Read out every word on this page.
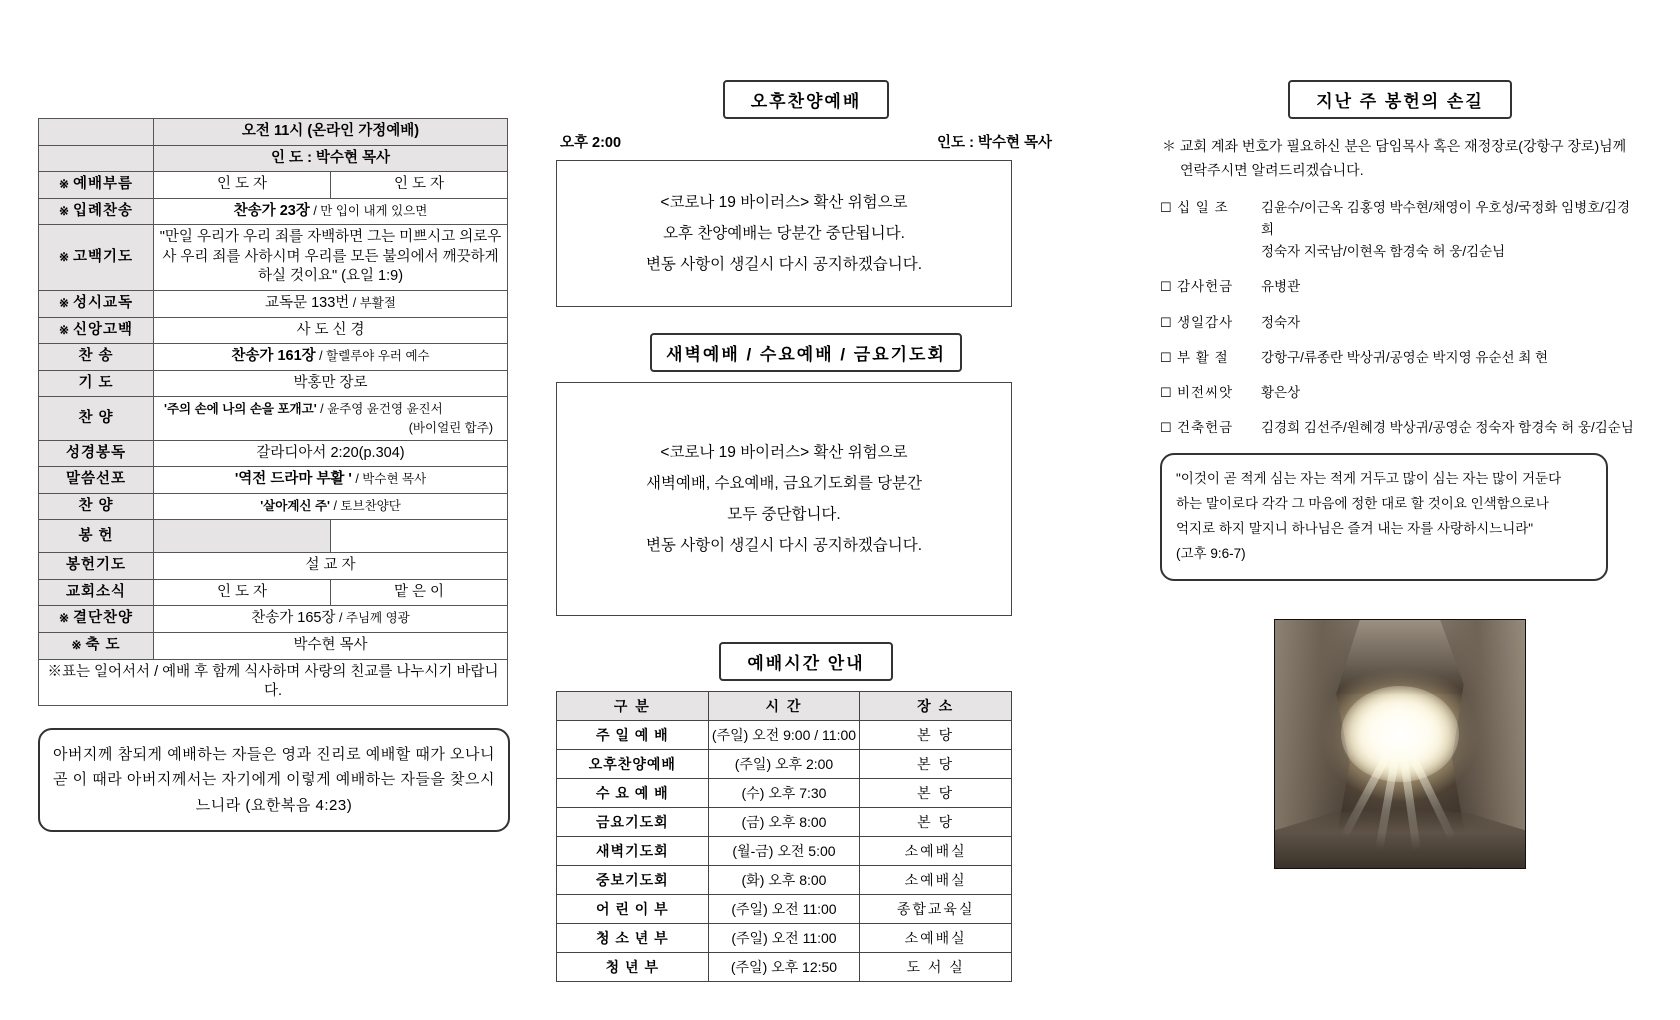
	오전 11시 (온라인 가정예배)	
	인 도 : 박수현 목사	
※ 예배부름	인 도 자	인 도 자
※ 입례찬송	찬송가 23장 / 만 입이 내게 있으면	
※ 고백기도	"만일 우리가 우리 죄를 자백하면 그는 미쁘시고 의로우사 우리 죄를 사하시며 우리를 모든 불의에서 깨끗하게 하실 것이요" (요일 1:9)	
※ 성시교독	교독문 133번 / 부활절	
※ 신앙고백	사 도 신 경	
찬 송	찬송가 161장 / 할렐루야 우러 예수	
기 도	박홍만 장로	
찬 양	'주의 손에 나의 손을 포개고' / 윤주영 윤건영 윤진서
(바이얼린 합주)	

성경봉독	갈라디아서 2:20(p.304)	
말씀선포	'역전 드라마 부활 ' / 박수현 목사	
찬 양	'살아계신 주' / 토브찬양단	
봉 헌		
봉헌기도	설 교 자	
교회소식	인 도 자	맡 은 이
※ 결단찬양	찬송가 165장 / 주님께 영광	
※ 축 도	박수현 목사	
※표는 일어서서 / 예배 후 함께 식사하며 사랑의 친교를 나누시기 바랍니다.		
아버지께 참되게 예배하는 자들은 영과 진리로 예배할 때가 오나니 곧 이 때라 아버지께서는 자기에게 이렇게 예배하는 자들을 찾으시느니라 (요한복음 4:23)
오후찬양예배
오후 2:00	인도 : 박수현 목사
<코로나 19 바이러스> 확산 위험으로
오후 찬양예배는 당분간 중단됩니다.
변동 사항이 생길시 다시 공지하겠습니다.
새벽예배 / 수요예배 / 금요기도회
<코로나 19 바이러스> 확산 위험으로
새벽예배, 수요예배, 금요기도회를 당분간
모두 중단합니다.
변동 사항이 생길시 다시 공지하겠습니다.
예배시간 안내
구 분	시 간	장 소
주 일 예 배	(주일) 오전 9:00 / 11:00	본 당
오후찬양예배	(주일) 오후 2:00	본 당
수 요 예 배	(수) 오후 7:30	본 당
금요기도회	(금) 오후 8:00	본 당
새벽기도회	(월-금) 오전 5:00	소예배실
중보기도회	(화) 오후 8:00	소예배실
어 린 이 부	(주일) 오전 11:00	종합교육실
청 소 년 부	(주일) 오전 11:00	소예배실
청 년 부	(주일) 오후 12:50	도 서 실
지난 주 봉헌의 손길
＊ 교회 계좌 번호가 필요하신 분은 담임목사 혹은 재정장로(강항구 장로)님께
연락주시면 알려드리겠습니다.
☐ 십 일 조	김윤수/이근옥 김홍영 박수현/채영이 우호성/국정화 임병호/김경희
정숙자 지국남/이현옥 함경숙 허 웅/김순님
☐ 감사헌금	유병관
☐ 생일감사	정숙자
☐ 부 활 절	강항구/류종란 박상귀/공영순 박지영 유순선 최 현
☐ 비전씨앗	황은상
☐ 건축헌금	김경희 김선주/원혜경 박상귀/공영순 정숙자 함경숙 허 웅/김순님
"이것이 곧 적게 심는 자는 적게 거두고 많이 심는 자는 많이 거둔다
하는 말이로다 각각 그 마음에 정한 대로 할 것이요 인색함으로나
억지로 하지 말지니 하나님은 즐겨 내는 자를 사랑하시느니라"
(고후 9:6-7)
